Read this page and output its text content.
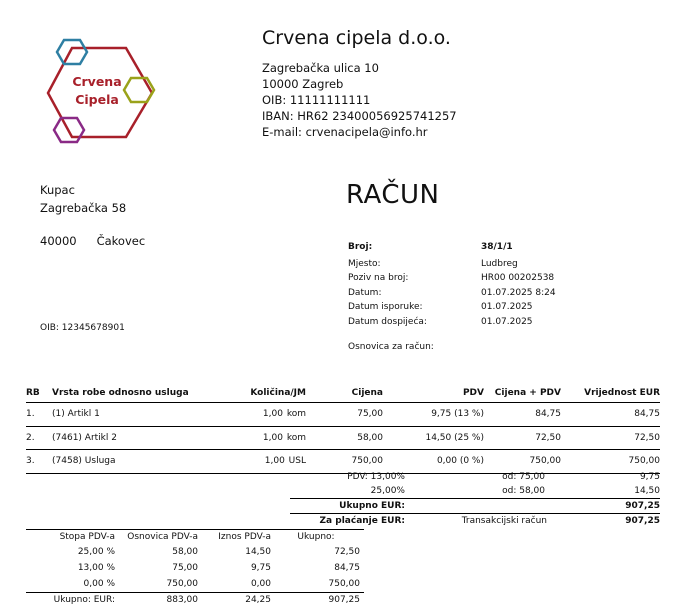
Crvena
Cipela
Crvena cipela d.o.o.
Zagrebačka ulica 10
10000 Zagreb
OIB: 11111111111
IBAN: HR62 23400056925741257
E-mail: crvenacipela@info.hr
Kupac
Zagrebačka 58
40000 Čakovec
OIB: 12345678901
RAČUN
Broj:	38/1/1
Mjesto:	Ludbreg
Poziv na broj:	HR00 00202538
Datum:	01.07.2025 8:24
Datum isporuke:	01.07.2025
Datum dospijeća:	01.07.2025
Osnovica za račun:
RB	Vrsta robe odnosno usluga	Količina/JM	Cijena	PDV	Cijena + PDV	Vrijednost EUR
1.	(1) Artikl 1	1,00 kom	75,00	9,75 (13 %)	84,75	84,75
2.	(7461) Artikl 2	1,00 kom	58,00	14,50 (25 %)	72,50	72,50
3.	(7458) Usluga	1,00 USL	750,00	0,00 (0 %)	750,00	750,00
PDV: 13,00%	od: 75,00	9,75
25,00%	od: 58,00	14,50
Ukupno EUR:	907,25
Za plaćanje EUR:	Transakcijski račun	907,25
Stopa PDV-a	Osnovica PDV-a	Iznos PDV-a	Ukupno:
25,00 %	58,00	14,50	72,50
13,00 %	75,00	9,75	84,75
0,00 %	750,00	0,00	750,00
Ukupno: EUR:	883,00	24,25	907,25
